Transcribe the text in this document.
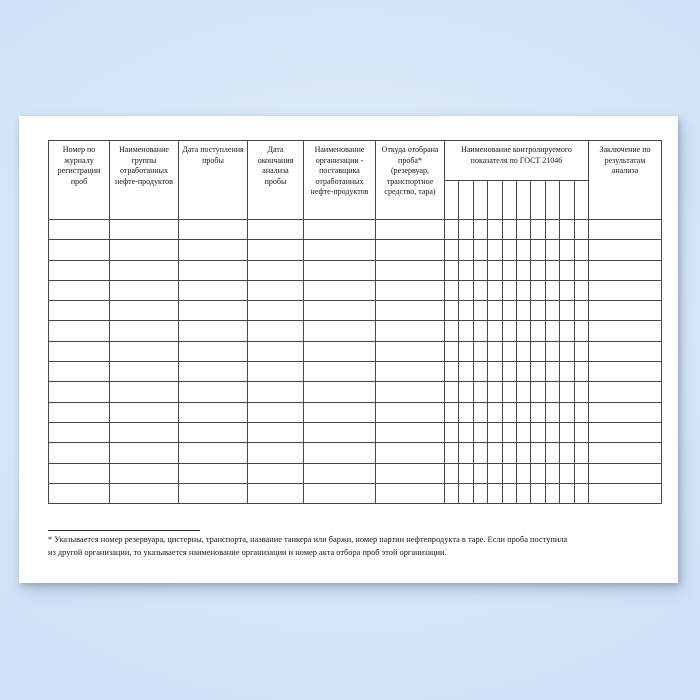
Номер по журналу регистрации проб	Наименование группы отработанных нефте-продуктов	Дата поступления пробы	Дата окончания анализа пробы	Наименование организации - поставщика отработанных нефте-продуктов	Откуда отобрана проба* (резервуар, транспортное средство, тара)	Наименование контролируемого показателя по ГОСТ 21046										Заключение по результатам анализа

* Указывается номер резервуара, цистерны, транспорта, название танкера или баржи, номер партии нефтепродукта в таре. Если проба поступила
из другой организации, то указывается наименование организации и номер акта отбора проб этой организации.
